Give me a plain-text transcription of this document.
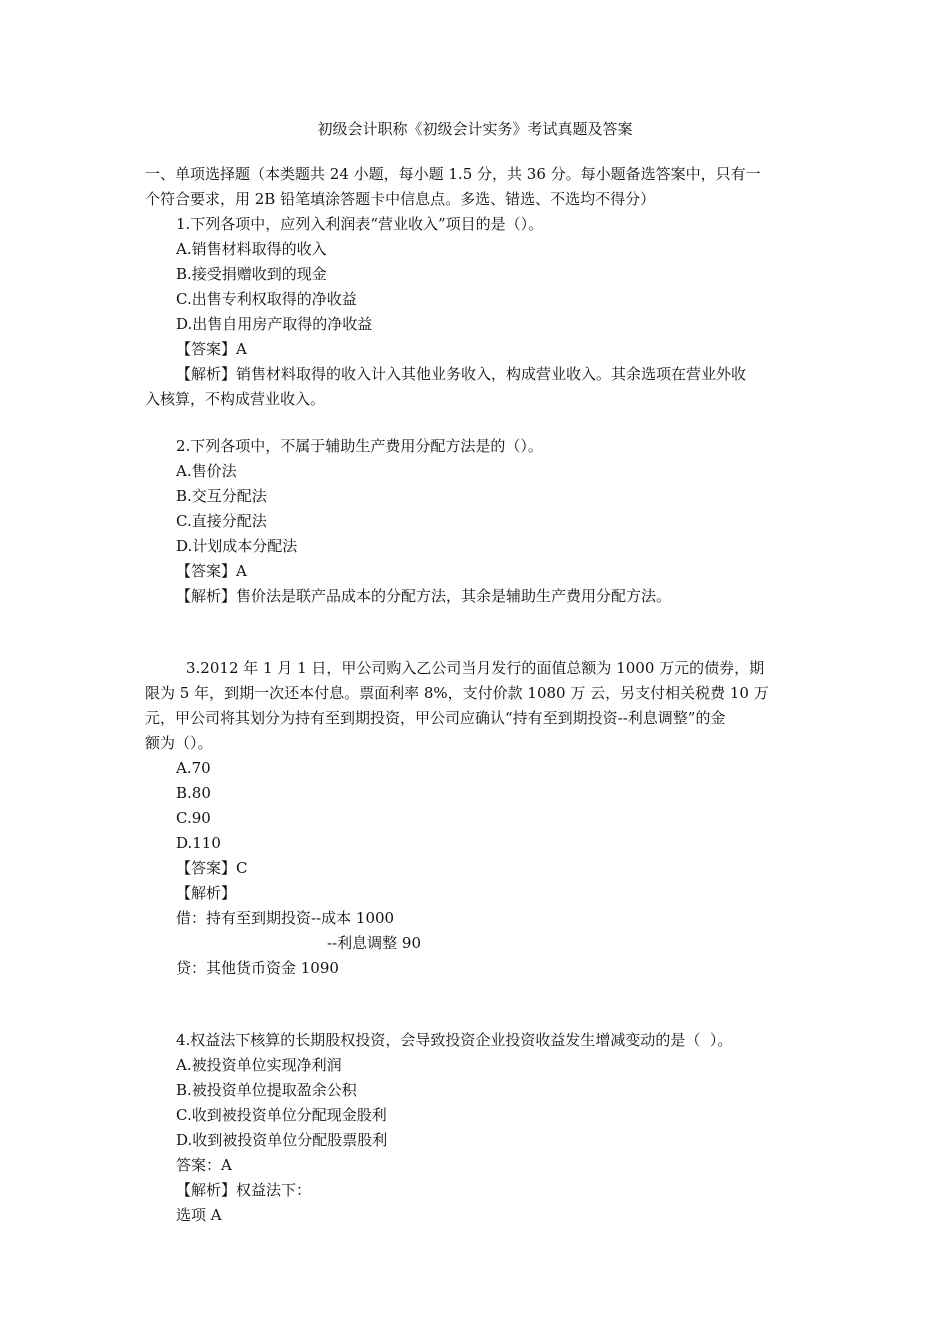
初级会计职称《初级会计实务》考试真题及答案
一、单项选择题（本类题共 24 小题，每小题 1.5 分，共 36 分。每小题备选答案中，只有一
个符合要求，用 2B 铅笔填涂答题卡中信息点。多选、错选、不选均不得分）
1.下列各项中，应列入利润表“营业收入”项目的是（）。
A.销售材料取得的收入
B.接受捐赠收到的现金
C.出售专利权取得的净收益
D.出售自用房产取得的净收益
【答案】A
【解析】销售材料取得的收入计入其他业务收入，构成营业收入。其余选项在营业外收
入核算，不构成营业收入。
2.下列各项中，不属于辅助生产费用分配方法是的（）。
A.售价法
B.交互分配法
C.直接分配法
D.计划成本分配法
【答案】A
【解析】售价法是联产品成本的分配方法，其余是辅助生产费用分配方法。
3.2012 年 1 月 1 日，甲公司购入乙公司当月发行的面值总额为 1000 万元的债券，期
限为 5 年，到期一次还本付息。票面利率 8%，支付价款 1080 万 云，另支付相关税费 10 万
元，甲公司将其划分为持有至到期投资，甲公司应确认“持有至到期投资--利息调整”的金
额为（）。
A.70
B.80
C.90
D.110
【答案】C
【解析】
借：持有至到期投资--成本 1000
--利息调整 90
贷：其他货币资金 1090
4.权益法下核算的长期股权投资，会导致投资企业投资收益发生增减变动的是（  ）。
A.被投资单位实现净利润
B.被投资单位提取盈余公积
C.收到被投资单位分配现金股利
D.收到被投资单位分配股票股利
答案：A
【解析】权益法下：
选项 A
